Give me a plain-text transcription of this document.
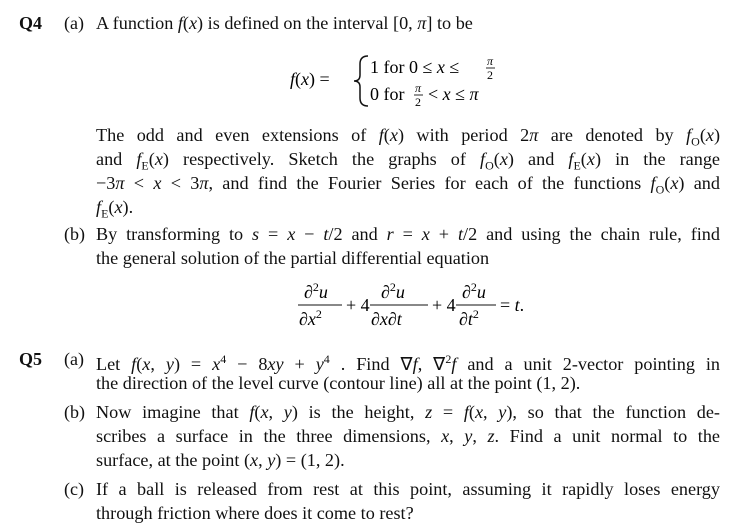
Q4 (a) A function f(x) is defined on the interval [0, π] to be
f(x) =
1 for 0 ≤ x ≤ π
2
0 for π
2 < x ≤ π
The odd and even extensions of f(x) with period 2π are denoted by $f_O(x)$
and $f_E(x)$ respectively. Sketch the graphs of $f_O(x)$ and $f_E(x)$ in the range
−3π < x < 3π, and find the Fourier Series for each of the functions $f_O(x)$ and
$f_E(x)$.
(b) By transforming to s = x − t/2 and r = x + t/2 and using the chain rule, find
the general solution of the partial differential equation
∂$^2$u
$\partial x^2 + 4$
∂$^2$u
∂x∂t
+ 4
∂$^2$u
$\partial t^2 = t$.
Q5 (a) Let f(x, $y) = x^4 - 8xy + y^4$ . Find ∇f, ∇$^2$f and a unit 2-vector pointing in
the direction of the level curve (contour line) all at the point (1, 2).
(b) Now imagine that f(x, y) is the height, z = f(x, y), so that the function de-
scribes a surface in the three dimensions, x, y, z. Find a unit normal to the
surface, at the point (x, y) = (1, 2).
(c) If a ball is released from rest at this point, assuming it rapidly loses energy
through friction where does it come to rest?
